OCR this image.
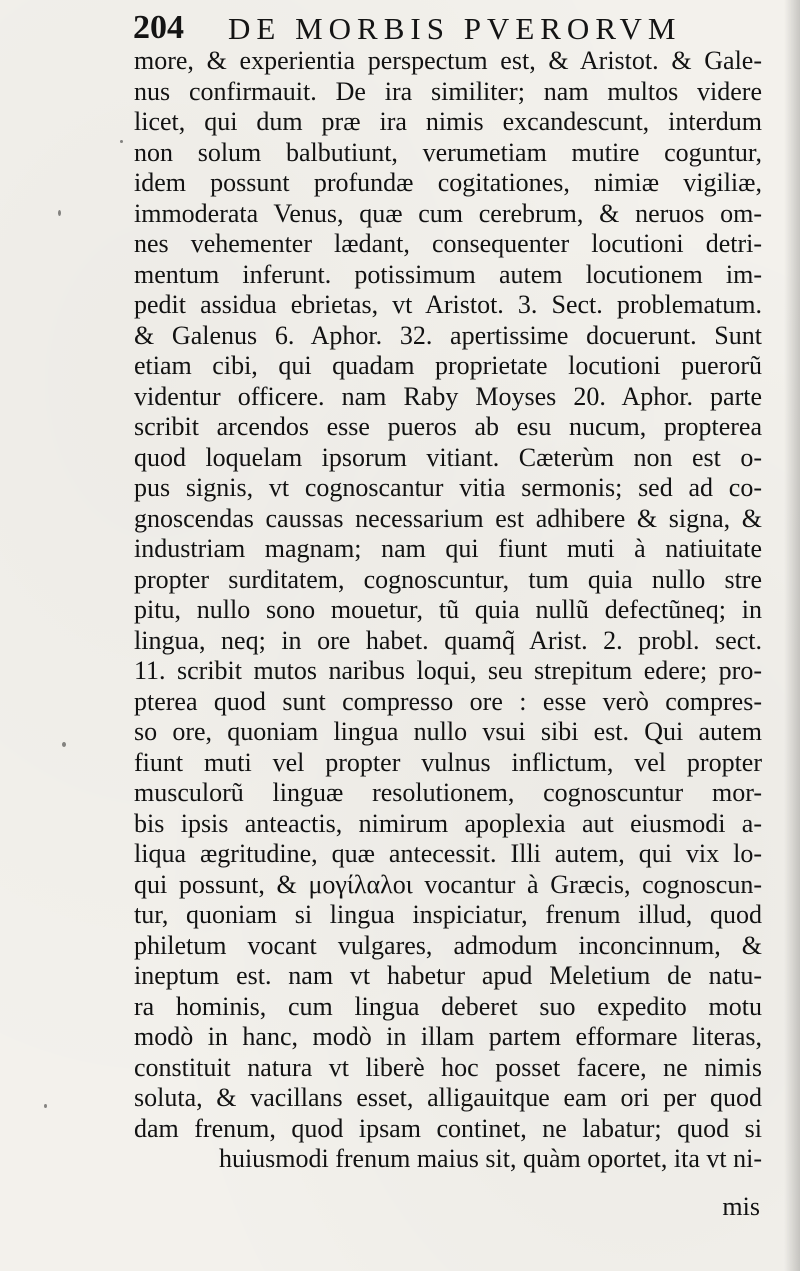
204 DE MORBIS PVERORVM
more, & experientia perspectum est, & Aristot. & Gale-
nus confirmauit. De ira similiter; nam multos videre
licet, qui dum præ ira nimis excandescunt, interdum
non solum balbutiunt, verumetiam mutire coguntur,
idem possunt profundæ cogitationes, nimiæ vigiliæ,
immoderata Venus, quæ cum cerebrum, & neruos om-
nes vehementer lædant, consequenter locutioni detri-
mentum inferunt. potissimum autem locutionem im-
pedit assidua ebrietas, vt Aristot. 3. Sect. problematum.
& Galenus 6. Aphor. 32. apertissime docuerunt. Sunt
etiam cibi, qui quadam proprietate locutioni puerorũ
videntur officere. nam Raby Moyses 20. Aphor. parte
scribit arcendos esse pueros ab esu nucum, propterea
quod loquelam ipsorum vitiant. Cæterùm non est o-
pus signis, vt cognoscantur vitia sermonis; sed ad co-
gnoscendas caussas necessarium est adhibere & signa, &
industriam magnam; nam qui fiunt muti à natiuitate
propter surditatem, cognoscuntur, tum quia nullo stre
pitu, nullo sono mouetur, tũ quia nullũ defectũneq; in
lingua, neq; in ore habet. quamq̃ Arist. 2. probl. sect.
11. scribit mutos naribus loqui, seu strepitum edere; pro-
pterea quod sunt compresso ore : esse verò compres-
so ore, quoniam lingua nullo vsui sibi est. Qui autem
fiunt muti vel propter vulnus inflictum, vel propter
musculorũ linguæ resolutionem, cognoscuntur mor-
bis ipsis anteactis, nimirum apoplexia aut eiusmodi a-
liqua ægritudine, quæ antecessit. Illi autem, qui vix lo-
qui possunt, & μογίλαλοι vocantur à Græcis, cognoscun-
tur, quoniam si lingua inspiciatur, frenum illud, quod
philetum vocant vulgares, admodum inconcinnum, &
ineptum est. nam vt habetur apud Meletium de natu-
ra hominis, cum lingua deberet suo expedito motu
modò in hanc, modò in illam partem efformare literas,
constituit natura vt liberè hoc posset facere, ne nimis
soluta, & vacillans esset, alligauitque eam ori per quod
dam frenum, quod ipsam continet, ne labatur; quod si
huiusmodi frenum maius sit, quàm oportet, ita vt ni-
mis
